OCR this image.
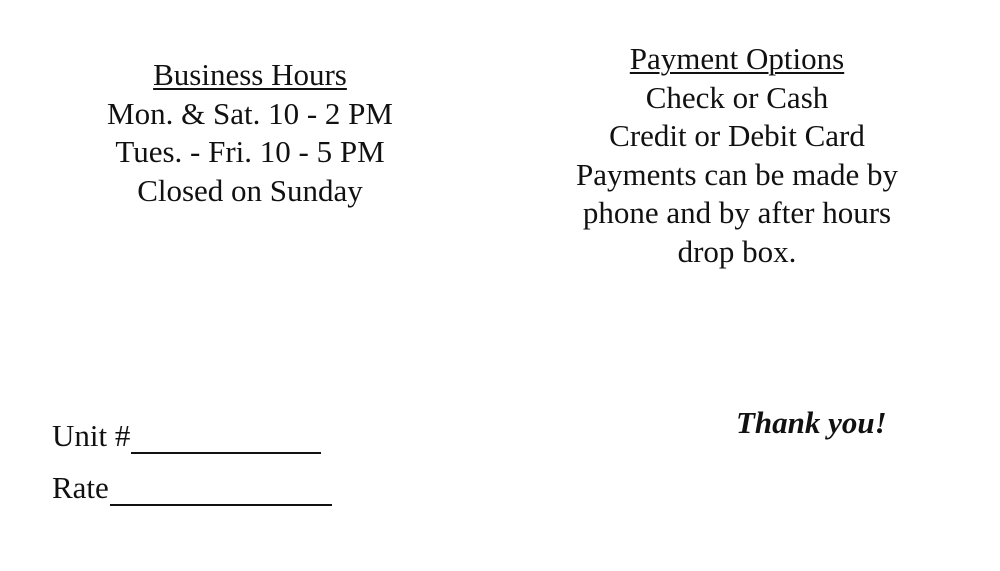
Business Hours
Mon. & Sat. 10 - 2 PM
Tues. - Fri. 10 - 5 PM
Closed on Sunday
Payment Options
Check or Cash
Credit or Debit Card
Payments can be made by
phone and by after hours
drop box.
Unit #
Rate
Thank you!
